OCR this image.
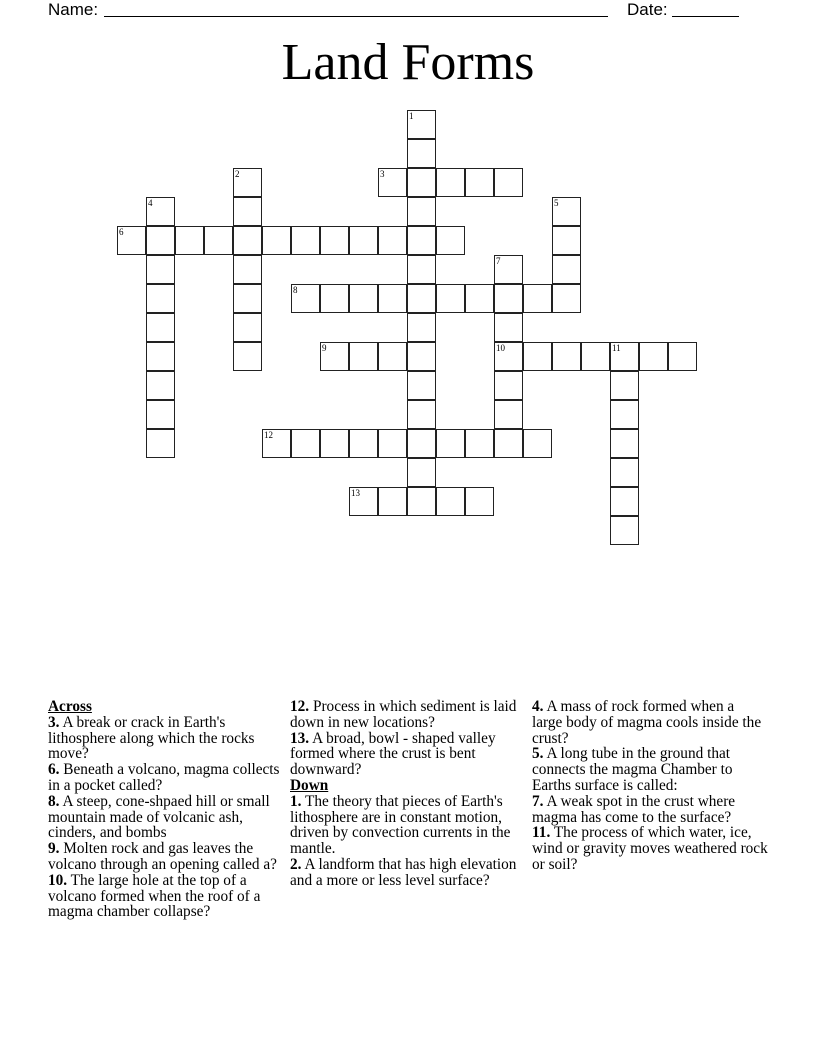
Name:	Date:
Land Forms
1
2	3
4	5
6
7
10
8
9	11
12
13
Across
3. A break or crack in Earth's lithosphere along which the rocks move?
6. Beneath a volcano, magma collects in a pocket called?
8. A steep, cone-shpaed hill or small mountain made of volcanic ash, cinders, and bombs
9. Molten rock and gas leaves the volcano through an opening called a?
10. The large hole at the top of a volcano formed when the roof of a magma chamber collapse?
12. Process in which sediment is laid down in new locations?
13. A broad, bowl - shaped valley formed where the crust is bent downward?
Down
1. The theory that pieces of Earth's lithosphere are in constant motion, driven by convection currents in the mantle.
2. A landform that has high elevation and a more or less level surface?
4. A mass of rock formed when a large body of magma cools inside the crust?
5. A long tube in the ground that connects the magma Chamber to Earths surface is called:
7. A weak spot in the crust where magma has come to the surface?
11. The process of which water, ice, wind or gravity moves weathered rock or soil?
